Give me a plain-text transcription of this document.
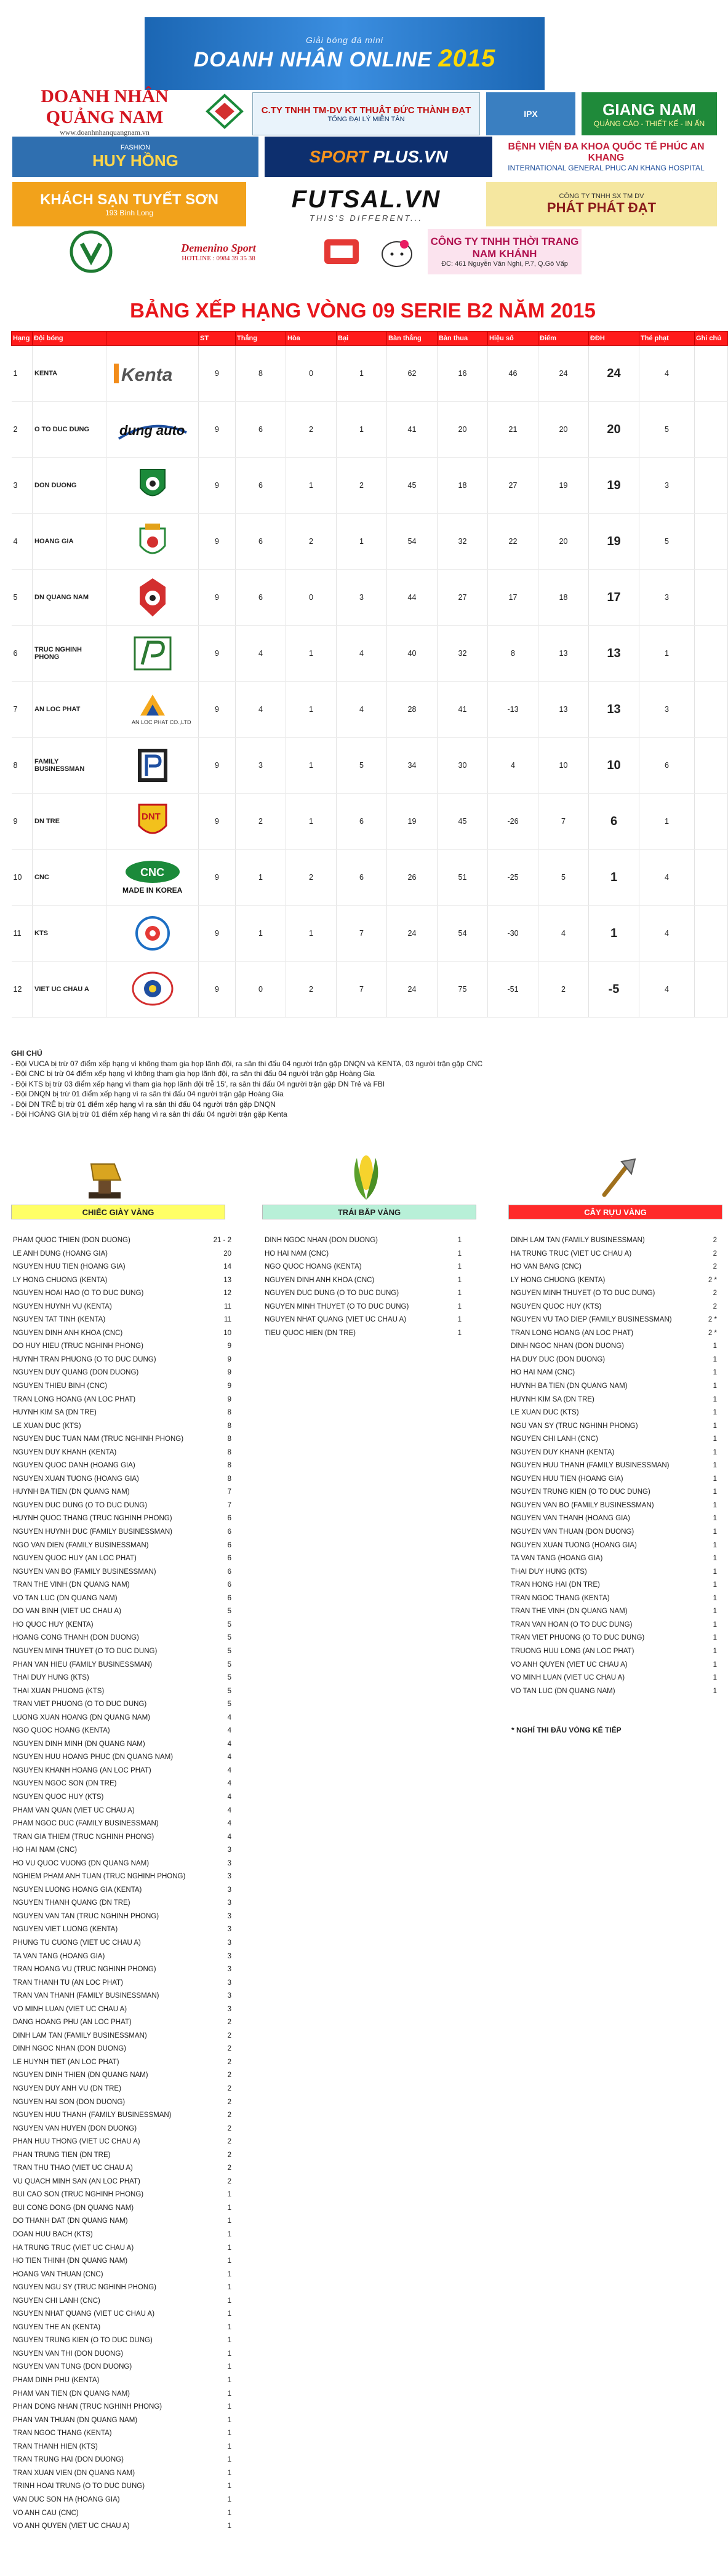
Giải bóng đá mini
DOANH NHÂN ONLINE 2015
DOANH NHÂN QUẢNG NAM
www.doanhnhanquangnam.vn
C.TY TNHH TM-DV KT THUẬT ĐỨC THÀNH ĐẠT
TỔNG ĐẠI LÝ MIỀN TÂN
IPX	GIANG NAM
QUẢNG CÁO - THIẾT KẾ - IN ẤN
FASHION
HUY HỒNG	SPORT
PLUS.VN
BỆNH VIỆN ĐA KHOA QUỐC TẾ PHÚC AN KHANG
INTERNATIONAL GENERAL PHUC AN KHANG HOSPITAL
KHÁCH SẠN TUYẾT SƠN
193 Bình Long	FUTSAL.VN
THIS'S DIFFERENT...
CÔNG TY TNHH SX TM DV
PHÁT PHÁT ĐẠT
Demenino Sport
HOTLINE : 0984 39 35 38
CÔNG TY TNHH THỜI TRANG NAM KHÁNH
ĐC: 461 Nguyễn Văn Nghi, P.7, Q.Gò Vấp
BẢNG XẾP HẠNG VÒNG 09 SERIE B2 NĂM 2015
Hạng	Đội bóng		ST	Thắng	Hòa	Bại	Bàn thắng	Bàn thua	Hiệu số	Điểm	ĐĐH	Thẻ phạt	Ghi chú
1	KENTA	Kenta	9	8	0	1	62	16	46	24	24	4	
2	O TO DUC DUNG	dung auto	9	6	2	1	41	20	21	20	20	5	
3	DON DUONG		9	6	1	2	45	18	27	19	19	3	
4	HOANG GIA		9	6	2	1	54	32	22	20	19	5	
5	DN QUANG NAM		9	6	0	3	44	27	17	18	17	3	
6	TRUC NGHINH PHONG		9	4	1	4	40	32	8	13	13	1	
7	AN LOC PHAT	AN LOC PHAT CO.,LTD	9	4	1	4	28	41	-13	13	13	3	
8	FAMILY BUSINESSMAN		9	3	1	5	34	30	4	10	10	6	
9	DN TRE	DNT	9	2	1	6	19	45	-26	7	6	1	
10	CNC	CNC
MADE IN KOREA	9	1	2	6	26	51	-25	5	1	4	
11	KTS		9	1	1	7	24	54	-30	4	1	4	
12	VIET UC CHAU A		9	0	2	7	24	75	-51	2	-5	4	
GHI CHÚ
- Đội VUCA bị trừ 07 điểm xếp hạng vì không tham gia họp lãnh đội, ra sân thi đấu 04 người trận gặp DNQN và KENTA, 03 người trận gặp CNC
- Đội CNC bị trừ 04 điểm xếp hạng vì không tham gia họp lãnh đội, ra sân thi đấu 04 người trận gặp Hoàng Gia
- Đội KTS bị trừ 03 điểm xếp hạng vì tham gia họp lãnh đội trễ 15', ra sân thi đấu 04 người trận gặp DN Trẻ và FBI
- Đội DNQN bị trừ 01 điểm xếp hạng vì ra sân thi đấu 04 người trận gặp Hoàng Gia
- Đội DN TRẺ bị trừ 01 điểm xếp hạng vì ra sân thi đấu 04 người trận gặp DNQN
- Đội HOÀNG GIA bị trừ 01 điểm xếp hạng vì ra sân thi đấu 04 người trận gặp Kenta
CHIẾC GIÀY VÀNG	TRÁI BẮP VÀNG	CÂY RỰU VÀNG
PHAM QUOC THIEN (DON DUONG)	21 - 2
LE ANH DUNG (HOANG GIA)	20
NGUYEN HUU TIEN (HOANG GIA)	14
LY HONG CHUONG (KENTA)	13
NGUYEN HOAI HAO (O TO DUC DUNG)	12
NGUYEN HUYNH VU (KENTA)	11
NGUYEN TAT TINH (KENTA)	11
NGUYEN DINH ANH KHOA (CNC)	10
DO HUY HIEU (TRUC NGHINH PHONG)	9
HUYNH TRAN PHUONG (O TO DUC DUNG)	9
NGUYEN DUY QUANG (DON DUONG)	9
NGUYEN THIEU BINH (CNC)	9
TRAN LONG HOANG (AN LOC PHAT)	9
HUYNH KIM SA (DN TRE)	8
LE XUAN DUC (KTS)	8
NGUYEN DUC TUAN NAM (TRUC NGHINH PHONG)	8
NGUYEN DUY KHANH (KENTA)	8
NGUYEN QUOC DANH (HOANG GIA)	8
NGUYEN XUAN TUONG (HOANG GIA)	8
HUYNH BA TIEN (DN QUANG NAM)	7
NGUYEN DUC DUNG (O TO DUC DUNG)	7
HUYNH QUOC THANG (TRUC NGHINH PHONG)	6
NGUYEN HUYNH DUC (FAMILY BUSINESSMAN)	6
NGO VAN DIEN (FAMILY BUSINESSMAN)	6
NGUYEN QUOC HUY (AN LOC PHAT)	6
NGUYEN VAN BO (FAMILY BUSINESSMAN)	6
TRAN THE VINH (DN QUANG NAM)	6
VO TAN LUC (DN QUANG NAM)	6
DO VAN BINH (VIET UC CHAU A)	5
HO QUOC HUY (KENTA)	5
HOANG CONG THANH (DON DUONG)	5
NGUYEN MINH THUYET (O TO DUC DUNG)	5
PHAN VAN HIEU (FAMILY BUSINESSMAN)	5
THAI DUY HUNG (KTS)	5
THAI XUAN PHUONG (KTS)	5
TRAN VIET PHUONG (O TO DUC DUNG)	5
LUONG XUAN HOANG (DN QUANG NAM)	4
NGO QUOC HOANG (KENTA)	4
NGUYEN DINH MINH (DN QUANG NAM)	4
NGUYEN HUU HOANG PHUC (DN QUANG NAM)	4
NGUYEN KHANH HOANG (AN LOC PHAT)	4
NGUYEN NGOC SON (DN TRE)	4
NGUYEN QUOC HUY (KTS)	4
PHAM VAN QUAN (VIET UC CHAU A)	4
PHAM NGOC DUC (FAMILY BUSINESSMAN)	4
TRAN GIA THIEM (TRUC NGHINH PHONG)	4
HO HAI NAM (CNC)	3
HO VU QUOC VUONG (DN QUANG NAM)	3
NGHIEM PHAM ANH TUAN (TRUC NGHINH PHONG)	3
NGUYEN LUONG HOANG GIA (KENTA)	3
NGUYEN THANH QUANG (DN TRE)	3
NGUYEN VAN TAN (TRUC NGHINH PHONG)	3
NGUYEN VIET LUONG (KENTA)	3
PHUNG TU CUONG (VIET UC CHAU A)	3
TA VAN TANG (HOANG GIA)	3
TRAN HOANG VU (TRUC NGHINH PHONG)	3
TRAN THANH TU (AN LOC PHAT)	3
TRAN VAN THANH (FAMILY BUSINESSMAN)	3
VO MINH LUAN (VIET UC CHAU A)	3
DANG HOANG PHU (AN LOC PHAT)	2
DINH LAM TAN (FAMILY BUSINESSMAN)	2
DINH NGOC NHAN (DON DUONG)	2
LE HUYNH TIET (AN LOC PHAT)	2
NGUYEN DINH THIEN (DN QUANG NAM)	2
NGUYEN DUY ANH VU (DN TRE)	2
NGUYEN HAI SON (DON DUONG)	2
NGUYEN HUU THANH (FAMILY BUSINESSMAN)	2
NGUYEN VAN HUYEN (DON DUONG)	2
PHAN HUU THONG (VIET UC CHAU A)	2
PHAN TRUNG TIEN (DN TRE)	2
TRAN THU THAO (VIET UC CHAU A)	2
VU QUACH MINH SAN (AN LOC PHAT)	2
BUI CAO SON (TRUC NGHINH PHONG)	1
BUI CONG DONG (DN QUANG NAM)	1
DO THANH DAT (DN QUANG NAM)	1
DOAN HUU BACH (KTS)	1
HA TRUNG TRUC (VIET UC CHAU A)	1
HO TIEN THINH (DN QUANG NAM)	1
HOANG VAN THUAN (CNC)	1
NGUYEN NGU SY (TRUC NGHINH PHONG)	1
NGUYEN CHI LANH (CNC)	1
NGUYEN NHAT QUANG (VIET UC CHAU A)	1
NGUYEN THE AN (KENTA)	1
NGUYEN TRUNG KIEN (O TO DUC DUNG)	1
NGUYEN VAN THI (DON DUONG)	1
NGUYEN VAN TUNG (DON DUONG)	1
PHAM DINH PHU (KENTA)	1
PHAM VAN TIEN (DN QUANG NAM)	1
PHAN DONG NHAN (TRUC NGHINH PHONG)	1
PHAN VAN THUAN (DN QUANG NAM)	1
TRAN NGOC THANG (KENTA)	1
TRAN THANH HIEN (KTS)	1
TRAN TRUNG HAI (DON DUONG)	1
TRAN XUAN VIEN (DN QUANG NAM)	1
TRINH HOAI TRUNG (O TO DUC DUNG)	1
VAN DUC SON HA (HOANG GIA)	1
VO ANH CAU (CNC)	1
VO ANH QUYEN (VIET UC CHAU A)	1
DINH NGOC NHAN (DON DUONG)	1
HO HAI NAM (CNC)	1
NGO QUOC HOANG (KENTA)	1
NGUYEN DINH ANH KHOA (CNC)	1
NGUYEN DUC DUNG (O TO DUC DUNG)	1
NGUYEN MINH THUYET (O TO DUC DUNG)	1
NGUYEN NHAT QUANG (VIET UC CHAU A)	1
TIEU QUOC HIEN (DN TRE)	1
DINH LAM TAN (FAMILY BUSINESSMAN)	2
HA TRUNG TRUC (VIET UC CHAU A)	2
HO VAN BANG (CNC)	2
LY HONG CHUONG (KENTA)	2 *
NGUYEN MINH THUYET (O TO DUC DUNG)	2
NGUYEN QUOC HUY (KTS)	2
NGUYEN VU TAO DIEP (FAMILY BUSINESSMAN)	2 *
TRAN LONG HOANG (AN LOC PHAT)	2 *
DINH NGOC NHAN (DON DUONG)	1
HA DUY DUC (DON DUONG)	1
HO HAI NAM (CNC)	1
HUYNH BA TIEN (DN QUANG NAM)	1
HUYNH KIM SA (DN TRE)	1
LE XUAN DUC (KTS)	1
NGU VAN SY (TRUC NGHINH PHONG)	1
NGUYEN CHI LANH (CNC)	1
NGUYEN DUY KHANH (KENTA)	1
NGUYEN HUU THANH (FAMILY BUSINESSMAN)	1
NGUYEN HUU TIEN (HOANG GIA)	1
NGUYEN TRUNG KIEN (O TO DUC DUNG)	1
NGUYEN VAN BO (FAMILY BUSINESSMAN)	1
NGUYEN VAN THANH (HOANG GIA)	1
NGUYEN VAN THUAN (DON DUONG)	1
NGUYEN XUAN TUONG (HOANG GIA)	1
TA VAN TANG (HOANG GIA)	1
THAI DUY HUNG (KTS)	1
TRAN HONG HAI (DN TRE)	1
TRAN NGOC THANG (KENTA)	1
TRAN THE VINH (DN QUANG NAM)	1
TRAN VAN HOAN (O TO DUC DUNG)	1
TRAN VIET PHUONG (O TO DUC DUNG)	1
TRUONG HUU LONG (AN LOC PHAT)	1
VO ANH QUYEN (VIET UC CHAU A)	1
VO MINH LUAN (VIET UC CHAU A)	1
VO TAN LUC (DN QUANG NAM)	1
* NGHỈ THI ĐẤU VÒNG KẾ TIẾP
